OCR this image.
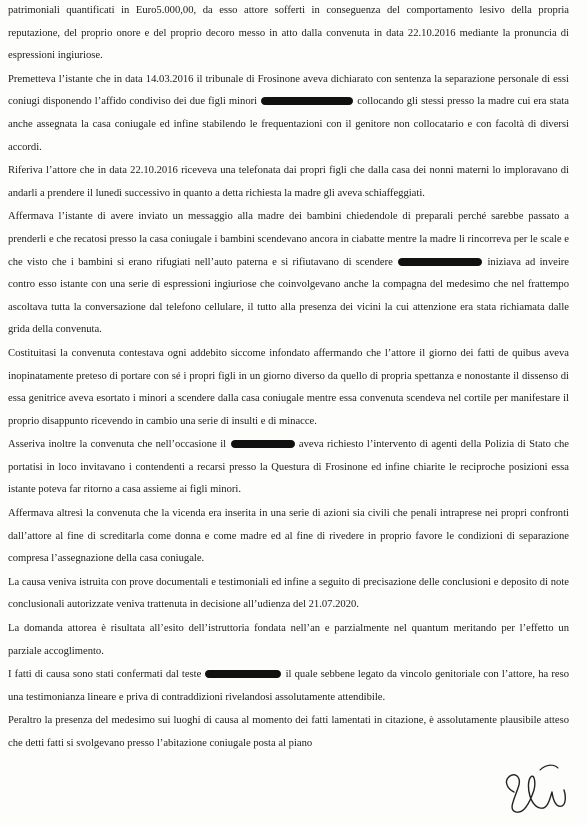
patrimoniali quantificati in Euro5.000,00, da esso attore sofferti in conseguenza del comportamento lesivo della propria reputazione, del proprio onore e del proprio decoro messo in atto dalla convenuta in data 22.10.2016 mediante la pronuncia di espressioni ingiuriose.

Premetteva l’istante che in data 14.03.2016 il tribunale di Frosinone aveva dichiarato con sentenza la separazione personale di essi coniugi disponendo l’affido condiviso dei due figli minori	collocando gli stessi presso la madre cui era stata anche assegnata la casa coniugale ed infine stabilendo le frequentazioni con il genitore non collocatario e con facoltà di diversi accordi.

Riferiva l’attore che in data 22.10.2016 riceveva una telefonata dai propri figli che dalla casa dei nonni materni lo imploravano di andarli a prendere il lunedì successivo in quanto a detta richiesta la madre gli aveva schiaffeggiati.

Affermava l’istante di avere inviato un messaggio alla madre dei bambini chiedendole di preparali perché sarebbe passato a prenderli e che recatosi presso la casa coniugale i bambini scendevano ancora in ciabatte mentre la madre li rincorreva per le scale e che visto che i bambini si erano rifugiati nell’auto paterna e si rifiutavano di scendere	iniziava ad inveire contro esso istante con una serie di espressioni ingiuriose che coinvolgevano anche la compagna del medesimo che nel frattempo ascoltava tutta la conversazione dal telefono cellulare, il tutto alla presenza dei vicini la cui attenzione era stata richiamata dalle grida della convenuta.

Costituitasi la convenuta contestava ogni addebito siccome infondato affermando che l’attore il giorno dei fatti de quibus aveva inopinatamente preteso di portare con sé i propri figli in un giorno diverso da quello di propria spettanza e nonostante il dissenso di essa genitrice aveva esortato i minori a scendere dalla casa coniugale mentre essa convenuta scendeva nel cortile per manifestare il proprio disappunto ricevendo in cambio una serie di insulti e di minacce.

Asseriva inoltre la convenuta che nell’occasione il	aveva richiesto l’intervento di agenti della Polizia di Stato che portatisi in loco invitavano i contendenti a recarsi presso la Questura di Frosinone ed infine chiarite le reciproche posizioni essa istante poteva far ritorno a casa assieme ai figli minori.

Affermava altresì la convenuta che la vicenda era inserita in una serie di azioni sia civili che penali intraprese nei propri confronti dall’attore al fine di screditarla come donna e come madre ed al fine di rivedere in proprio favore le condizioni di separazione compresa l’assegnazione della casa coniugale.

La causa veniva istruita con prove documentali e testimoniali ed infine a seguito di precisazione delle conclusioni e deposito di note conclusionali autorizzate veniva trattenuta in decisione all’udienza del 21.07.2020.

La domanda attorea è risultata all’esito dell’istruttoria fondata nell’an e parzialmente nel quantum meritando per l’effetto un parziale accoglimento.

I fatti di causa sono stati confermati dal teste	il quale sebbene legato da vincolo genitoriale con l’attore, ha reso una testimonianza lineare e priva di contraddizioni rivelandosi assolutamente attendibile.

Peraltro la presenza del medesimo sui luoghi di causa al momento dei fatti lamentati in citazione, è assolutamente plausibile atteso che detti fatti si svolgevano presso l’abitazione coniugale posta al piano
